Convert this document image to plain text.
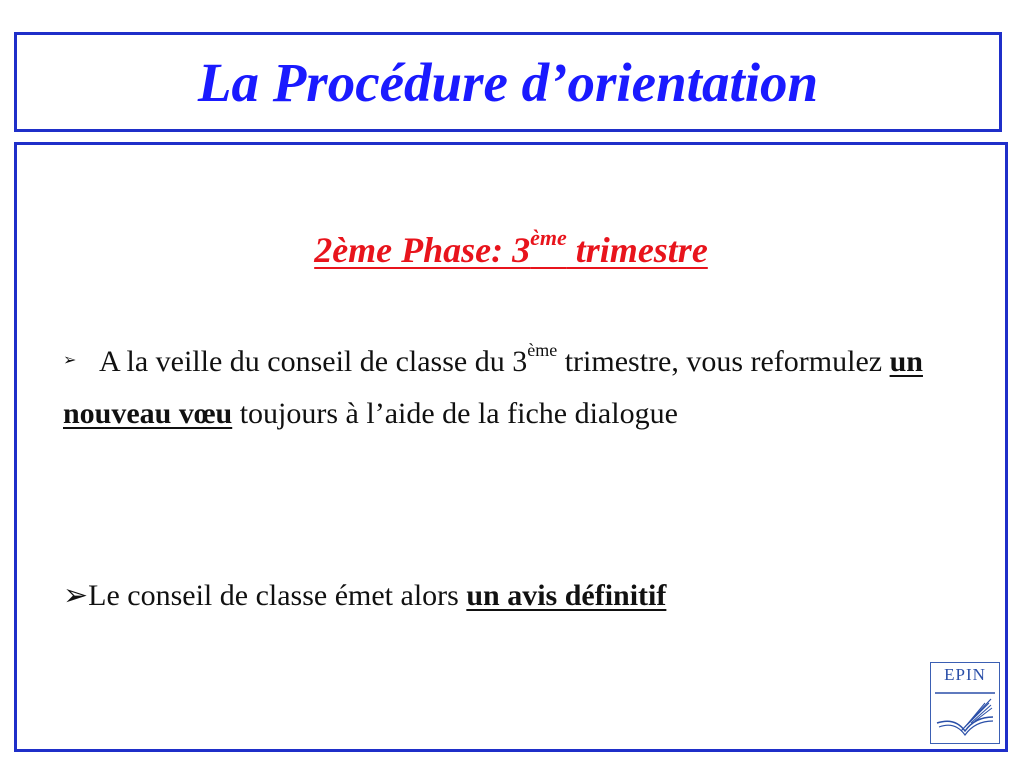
La Procédure d’orientation
2ème Phase: 3ème trimestre
➢ A la veille du conseil de classe du 3ème trimestre, vous reformulez un nouveau vœu toujours à l’aide de la fiche dialogue
➢Le conseil de classe émet alors un avis définitif
EPIN
